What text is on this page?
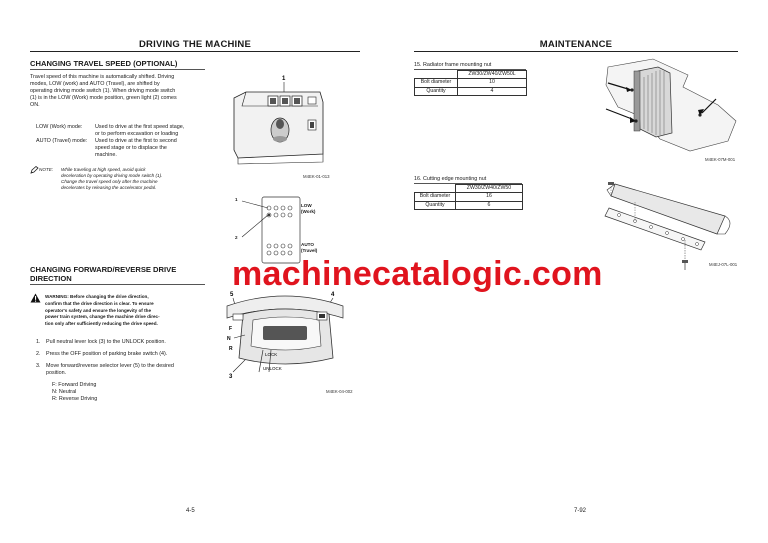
DRIVING THE MACHINE
CHANGING TRAVEL SPEED (OPTIONAL)
Travel speed of this machine is automatically shifted. Driving
modes, LOW (work) and AUTO (Travel), are shifted by
operating driving mode switch (1). When driving mode switch
(1) is in the LOW (Work) mode position, green light (2) comes
ON.
LOW (Work) mode:	Used to drive at the first speed stage,
or to perform excavation or loading
AUTO (Travel) mode:	Used to drive at the first to second
speed stage or to displace the
machine.
NOTE: While traveling at high speed, avoid quick
deceleration by operating driving mode switch (1).
Change the travel speed only after the machine
decelerates by releasing the accelerator pedal.
1
M4EK-01-013
1
2
LOW
(Work)
AUTO
(Travel)
CHANGING FORWARD/REVERSE DRIVE
DIRECTION
WARNING: Before changing the drive direction,
confirm that the drive direction is clear. To ensure
operator's safety and ensure the longevity of the
power train system, change the machine drive direc-
tion only after sufficiently reducing the drive speed.
1. Pull neutral lever lock (3) to the UNLOCK position.
2. Press the OFF position of parking brake switch (4).
3. Move forward/reverse selector lever (5) to the desired
position.
F: Forward Driving
N: Neutral
R: Reverse Driving
5	4
3
F
N
R
LOCK
UNLOCK
M4EK-04-002
4-5
MAINTENANCE
15. Radiator frame mounting nut
	ZW30/ZW40/ZW50L
Bolt diameter	10
Quantity	4
M4EK-07M-001
16. Cutting edge mounting nut
	ZW30/ZW40/ZW50
Bolt diameter	16
Quantity	6
M4EJ-07L-001
7-92
machinecatalogic.com
